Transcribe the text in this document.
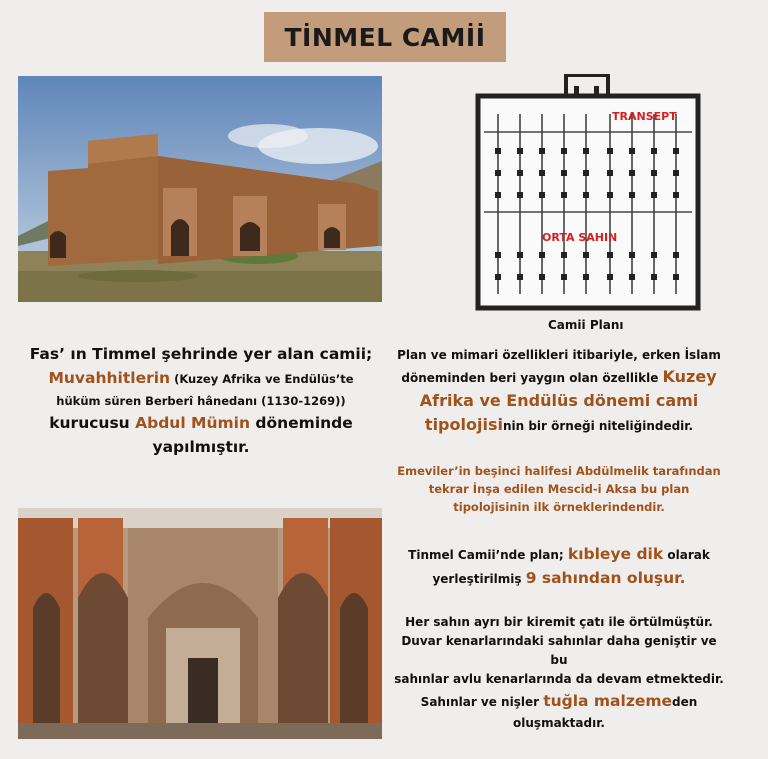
TİNMEL CAMİİ
TRANSEPT
ORTA SAHIN
Camii Planı
Fas’ ın Timmel şehrinde yer alan camii;
Muvahhitlerin (Kuzey Afrika ve Endülüs’te
hüküm süren Berberî hânedanı (1130-1269))
kurucusu Abdul Mümin döneminde
yapılmıştır.
Plan ve mimari özellikleri itibariyle, erken İslam
döneminden beri yaygın olan özellikle Kuzey
Afrika ve Endülüs dönemi cami
tipolojisinin bir örneği niteliğindedir.
Emeviler’in beşinci halifesi Abdülmelik tarafından
tekrar İnşa edilen Mescid-i Aksa bu plan
tipolojisinin ilk örneklerindendir.
Tinmel Camii’nde plan; kıbleye dik olarak
yerleştirilmiş 9 sahından oluşur.
Her sahın ayrı bir kiremit çatı ile örtülmüştür.
Duvar kenarlarındaki sahınlar daha geniştir ve bu
sahınlar avlu kenarlarında da devam etmektedir.
Sahınlar ve nişler tuğla malzemeden
oluşmaktadır.
